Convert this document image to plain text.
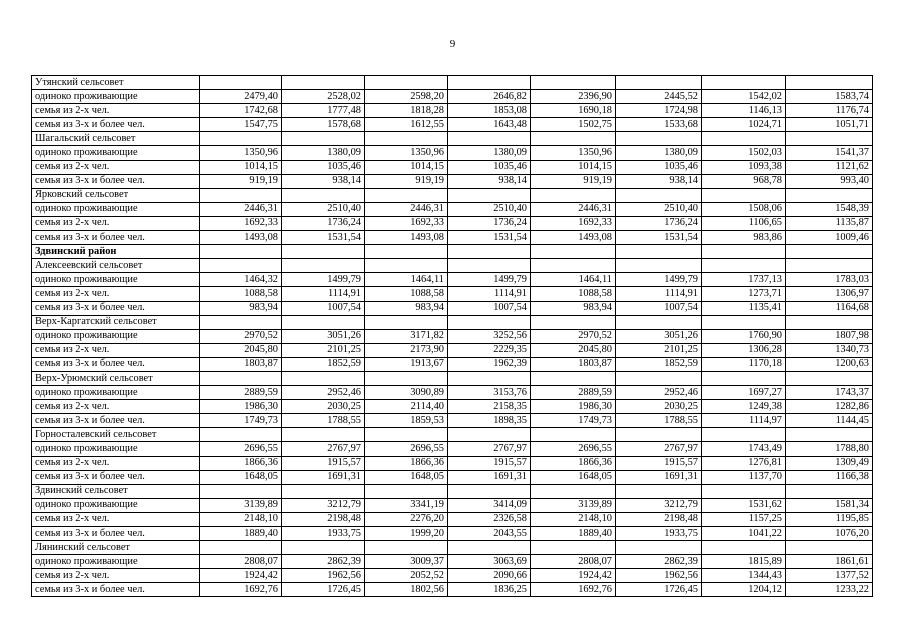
9
Утянский сельсовет								
одиноко проживающие	2479,40	2528,02	2598,20	2646,82	2396,90	2445,52	1542,02	1583,74
семья из 2-х чел.	1742,68	1777,48	1818,28	1853,08	1690,18	1724,98	1146,13	1176,74
семья из 3-х и более чел.	1547,75	1578,68	1612,55	1643,48	1502,75	1533,68	1024,71	1051,71
Шагальский сельсовет								
одиноко проживающие	1350,96	1380,09	1350,96	1380,09	1350,96	1380,09	1502,03	1541,37
семья из 2-х чел.	1014,15	1035,46	1014,15	1035,46	1014,15	1035,46	1093,38	1121,62
семья из 3-х и более чел.	919,19	938,14	919,19	938,14	919,19	938,14	968,78	993,40
Ярковский сельсовет								
одиноко проживающие	2446,31	2510,40	2446,31	2510,40	2446,31	2510,40	1508,06	1548,39
семья из 2-х чел.	1692,33	1736,24	1692,33	1736,24	1692,33	1736,24	1106,65	1135,87
семья из 3-х и более чел.	1493,08	1531,54	1493,08	1531,54	1493,08	1531,54	983,86	1009,46
Здвинский район								
Алексеевский сельсовет								
одиноко проживающие	1464,32	1499,79	1464,11	1499,79	1464,11	1499,79	1737,13	1783,03
семья из 2-х чел.	1088,58	1114,91	1088,58	1114,91	1088,58	1114,91	1273,71	1306,97
семья из 3-х и более чел.	983,94	1007,54	983,94	1007,54	983,94	1007,54	1135,41	1164,68
Верх-Каргатский сельсовет								
одиноко проживающие	2970,52	3051,26	3171,82	3252,56	2970,52	3051,26	1760,90	1807,98
семья из 2-х чел.	2045,80	2101,25	2173,90	2229,35	2045,80	2101,25	1306,28	1340,73
семья из 3-х и более чел.	1803,87	1852,59	1913,67	1962,39	1803,87	1852,59	1170,18	1200,63
Верх-Урюмский сельсовет								
одиноко проживающие	2889,59	2952,46	3090,89	3153,76	2889,59	2952,46	1697,27	1743,37
семья из 2-х чел.	1986,30	2030,25	2114,40	2158,35	1986,30	2030,25	1249,38	1282,86
семья из 3-х и более чел.	1749,73	1788,55	1859,53	1898,35	1749,73	1788,55	1114,97	1144,45
Горностaлевский сельсовет								
одиноко проживающие	2696,55	2767,97	2696,55	2767,97	2696,55	2767,97	1743,49	1788,80
семья из 2-х чел.	1866,36	1915,57	1866,36	1915,57	1866,36	1915,57	1276,81	1309,49
семья из 3-х и более чел.	1648,05	1691,31	1648,05	1691,31	1648,05	1691,31	1137,70	1166,38
Здвинский сельсовет								
одиноко проживающие	3139,89	3212,79	3341,19	3414,09	3139,89	3212,79	1531,62	1581,34
семья из 2-х чел.	2148,10	2198,48	2276,20	2326,58	2148,10	2198,48	1157,25	1195,85
семья из 3-х и более чел.	1889,40	1933,75	1999,20	2043,55	1889,40	1933,75	1041,22	1076,20
Лянинский сельсовет								
одиноко проживающие	2808,07	2862,39	3009,37	3063,69	2808,07	2862,39	1815,89	1861,61
семья из 2-х чел.	1924,42	1962,56	2052,52	2090,66	1924,42	1962,56	1344,43	1377,52
семья из 3-х и более чел.	1692,76	1726,45	1802,56	1836,25	1692,76	1726,45	1204,12	1233,22
